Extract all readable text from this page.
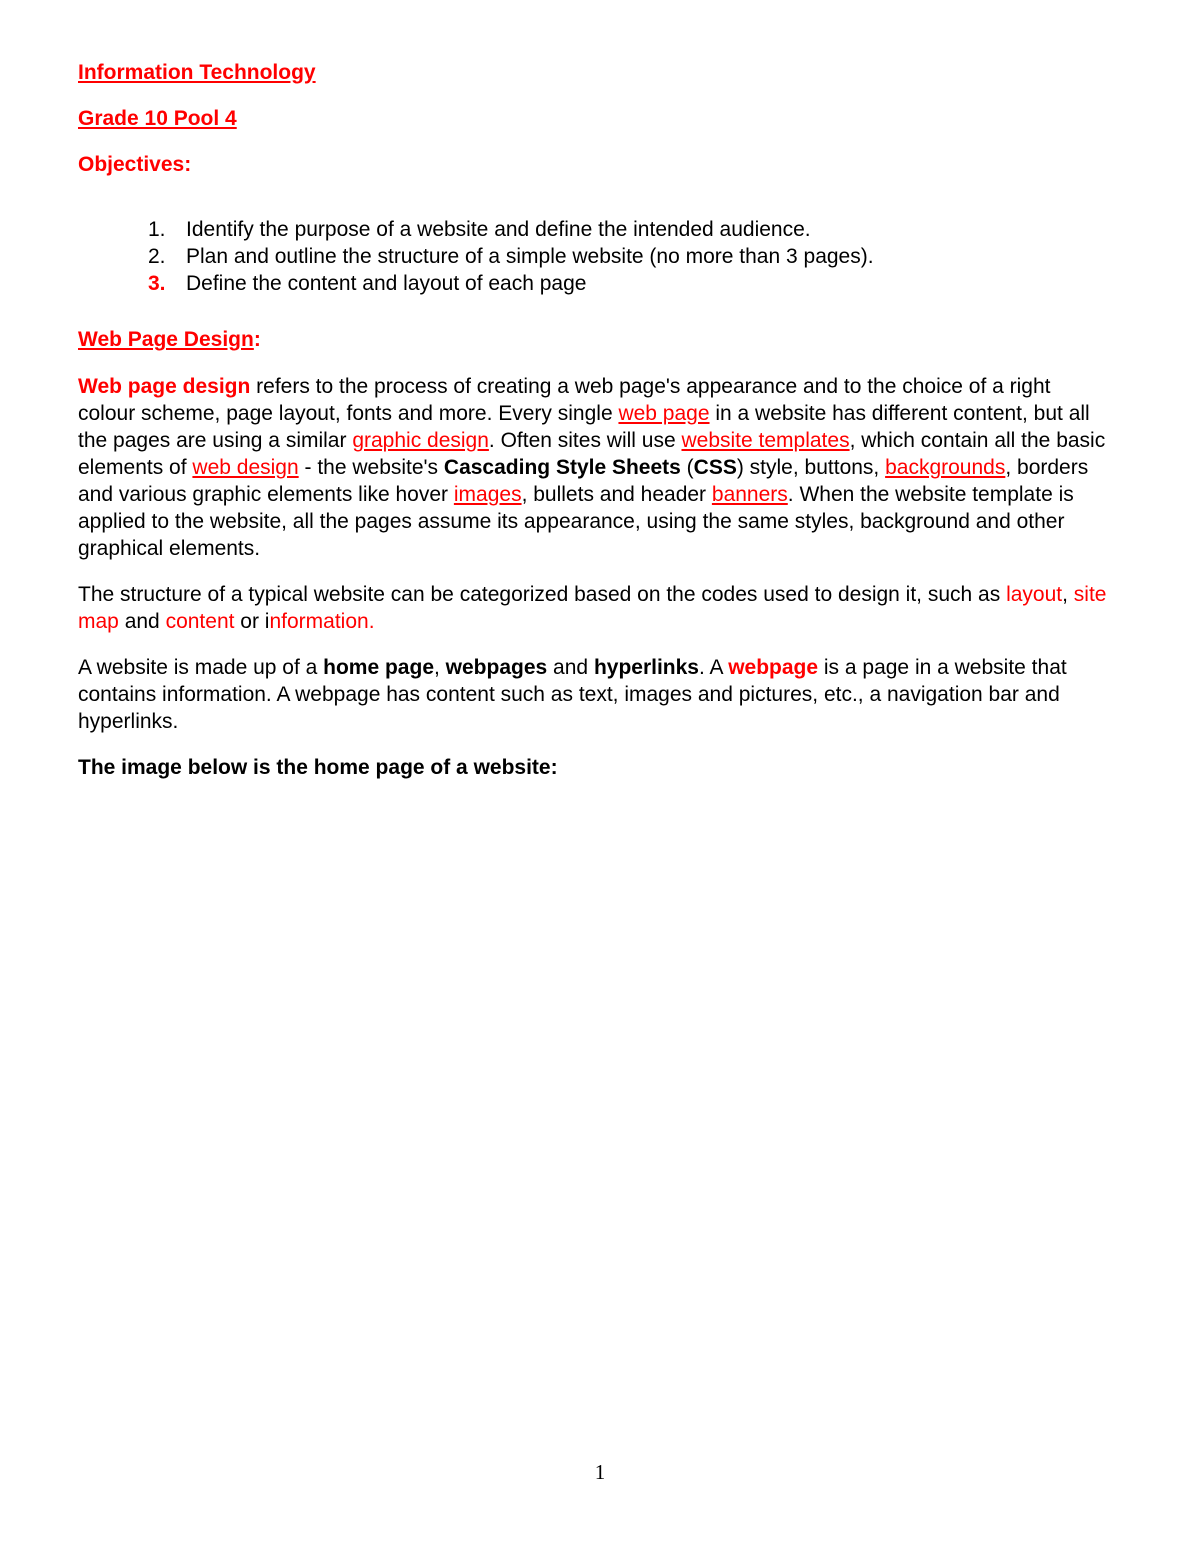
Information Technology
Grade 10 Pool 4
Objectives:
1. Identify the purpose of a website and define the intended audience.
2. Plan and outline the structure of a simple website (no more than 3 pages).
3. Define the content and layout of each page
Web Page Design:

Web page design refers to the process of creating a web page's appearance and to the choice of a right colour scheme, page layout, fonts and more. Every single web page in a website has different content, but all the pages are using a similar graphic design. Often sites will use website templates, which contain all the basic elements of web design - the website's Cascading Style Sheets (CSS) style, buttons, backgrounds, borders and various graphic elements like hover images, bullets and header banners. When the website template is applied to the website, all the pages assume its appearance, using the same styles, background and other graphical elements.

The structure of a typical website can be categorized based on the codes used to design it, such as layout, site map and content or information.

A website is made up of a home page, webpages and hyperlinks. A webpage is a page in a website that contains information. A webpage has content such as text, images and pictures, etc., a navigation bar and hyperlinks.

The image below is the home page of a website:

1
